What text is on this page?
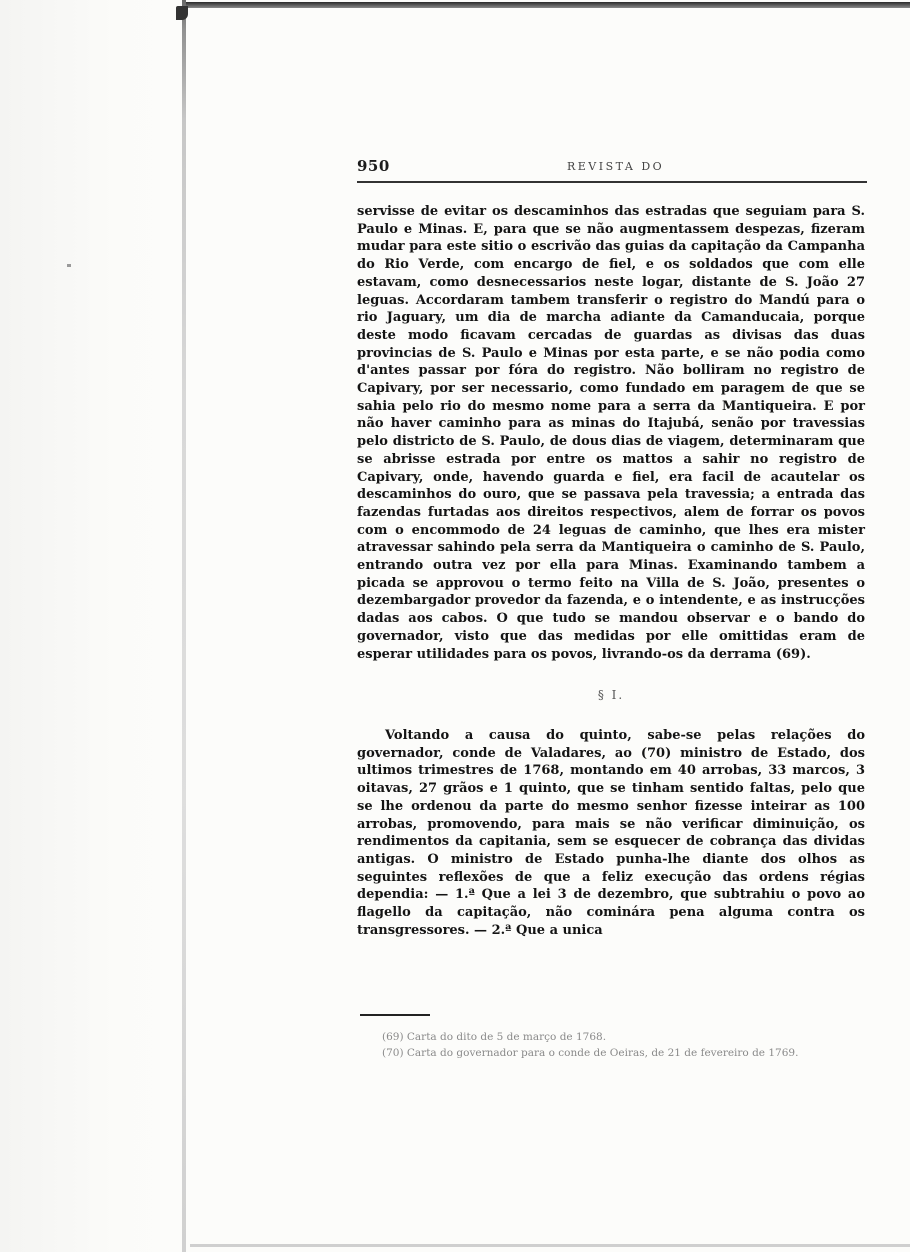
950	REVISTA DO

servisse de evitar os descaminhos das estradas que seguiam para S. Paulo e Minas. E, para que se não augmentassem despezas, fizeram mudar para este sitio o escrivão das guias da capitação da Campanha do Rio Verde, com encargo de fiel, e os soldados que com elle estavam, como desnecessarios neste logar, distante de S. João 27 leguas. Accordaram tambem transferir o registro do Mandú para o rio Jaguary, um dia de marcha adiante da Camanducaia, porque deste modo ficavam cercadas de guardas as divisas das duas provincias de S. Paulo e Minas por esta parte, e se não podia como d'antes passar por fóra do registro. Não bolliram no registro de Capivary, por ser necessario, como fundado em paragem de que se sahia pelo rio do mesmo nome para a serra da Mantiqueira. E por não haver caminho para as minas do Itajubá, senão por travessias pelo districto de S. Paulo, de dous dias de viagem, determinaram que se abrisse estrada por entre os mattos a sahir no registro de Capivary, onde, havendo guarda e fiel, era facil de acautelar os descaminhos do ouro, que se passava pela travessia; a entrada das fazendas furtadas aos direitos respectivos, alem de forrar os povos com o encommodo de 24 leguas de caminho, que lhes era mister atravessar sahindo pela serra da Mantiqueira o caminho de S. Paulo, entrando outra vez por ella para Minas. Examinando tambem a picada se approvou o termo feito na Villa de S. João, presentes o dezembargador provedor da fazenda, e o intendente, e as instrucções dadas aos cabos. O que tudo se mandou observar e o bando do governador, visto que das medidas por elle omittidas eram de esperar utilidades para os povos, livrando-os da derrama (69).

§ I.

Voltando a causa do quinto, sabe-se pelas relações do governador, conde de Valadares, ao (70) ministro de Estado, dos ultimos trimestres de 1768, montando em 40 arrobas, 33 marcos, 3 oitavas, 27 grãos e 1 quinto, que se tinham sentido faltas, pelo que se lhe ordenou da parte do mesmo senhor fizesse inteirar as 100 arrobas, promovendo, para mais se não verificar diminuição, os rendimentos da capitania, sem se esquecer de cobrança das dividas antigas. O ministro de Estado punha-lhe diante dos olhos as seguintes reflexões de que a feliz execução das ordens régias dependia: — 1.ª Que a lei 3 de dezembro, que subtrahiu o povo ao flagello da capitação, não cominára pena alguma contra os transgressores. — 2.ª Que a unica

(69) Carta do dito de 5 de março de 1768.

(70) Carta do governador para o conde de Oeiras, de 21 de fevereiro de 1769.
